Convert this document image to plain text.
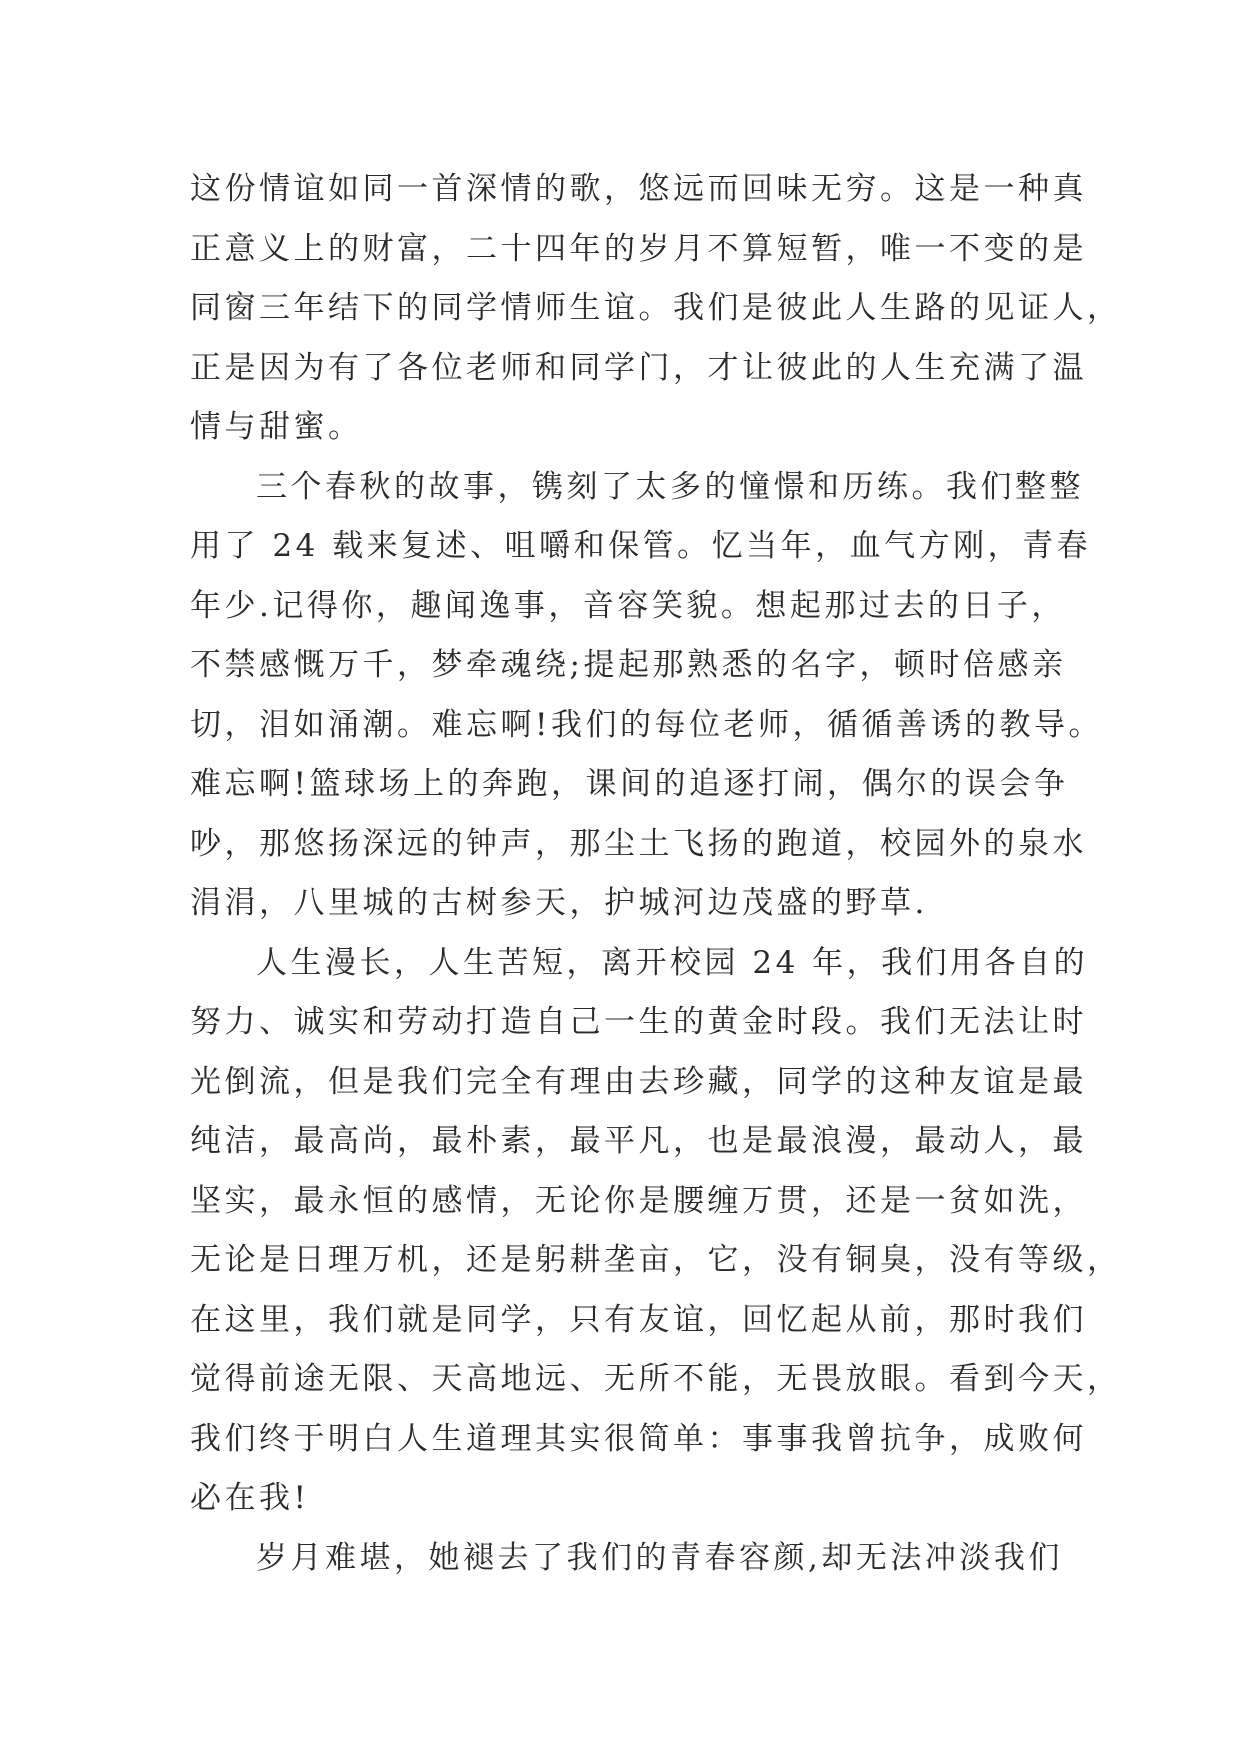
这份情谊如同一首深情的歌，悠远而回味无穷。这是一种真
正意义上的财富，二十四年的岁月不算短暂，唯一不变的是
同窗三年结下的同学情师生谊。我们是彼此人生路的见证人，
正是因为有了各位老师和同学门，才让彼此的人生充满了温
情与甜蜜。
三个春秋的故事，镌刻了太多的憧憬和历练。我们整整
用了 24 载来复述、咀嚼和保管。忆当年，血气方刚，青春
年少.记得你，趣闻逸事，音容笑貌。想起那过去的日子，
不禁感慨万千，梦牵魂绕;提起那熟悉的名字，顿时倍感亲
切，泪如涌潮。难忘啊!我们的每位老师，循循善诱的教导。
难忘啊!篮球场上的奔跑，课间的追逐打闹，偶尔的误会争
吵，那悠扬深远的钟声，那尘土飞扬的跑道，校园外的泉水
涓涓，八里城的古树参天，护城河边茂盛的野草.
人生漫长，人生苦短，离开校园 24 年，我们用各自的
努力、诚实和劳动打造自己一生的黄金时段。我们无法让时
光倒流，但是我们完全有理由去珍藏，同学的这种友谊是最
纯洁，最高尚，最朴素，最平凡，也是最浪漫，最动人，最
坚实，最永恒的感情，无论你是腰缠万贯，还是一贫如洗，
无论是日理万机，还是躬耕垄亩，它，没有铜臭，没有等级，
在这里，我们就是同学，只有友谊，回忆起从前，那时我们
觉得前途无限、天高地远、无所不能，无畏放眼。看到今天，
我们终于明白人生道理其实很简单：事事我曾抗争，成败何
必在我!
岁月难堪，她褪去了我们的青春容颜,却无法冲淡我们
